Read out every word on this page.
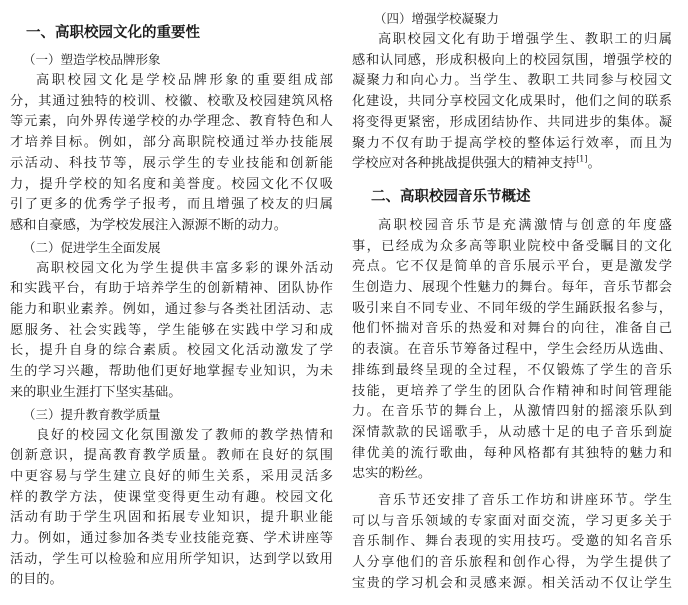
一、高职校园文化的重要性
（一）塑造学校品牌形象

高职校园文化是学校品牌形象的重要组成部

分，其通过独特的校训、校徽、校歌及校园建筑风格

等元素，向外界传递学校的办学理念、教育特色和人

才培养目标。例如，部分高职院校通过举办技能展

示活动、科技节等，展示学生的专业技能和创新能

力，提升学校的知名度和美誉度。校园文化不仅吸

引了更多的优秀学子报考，而且增强了校友的归属

感和自豪感，为学校发展注入源源不断的动力。

（二）促进学生全面发展

高职校园文化为学生提供丰富多彩的课外活动

和实践平台，有助于培养学生的创新精神、团队协作

能力和职业素养。例如，通过参与各类社团活动、志

愿服务、社会实践等，学生能够在实践中学习和成

长，提升自身的综合素质。校园文化活动激发了学

生的学习兴趣，帮助他们更好地掌握专业知识，为未

来的职业生涯打下坚实基础。

（三）提升教育教学质量

良好的校园文化氛围激发了教师的教学热情和

创新意识，提高教育教学质量。教师在良好的氛围

中更容易与学生建立良好的师生关系，采用灵活多

样的教学方法，使课堂变得更生动有趣。校园文化

活动有助于学生巩固和拓展专业知识，提升职业能

力。例如，通过参加各类专业技能竞赛、学术讲座等

活动，学生可以检验和应用所学知识，达到学以致用

的目的。

（四）增强学校凝聚力

高职校园文化有助于增强学生、教职工的归属

感和认同感，形成积极向上的校园氛围，增强学校的

凝聚力和向心力。当学生、教职工共同参与校园文

化建设，共同分享校园文化成果时，他们之间的联系

将变得更紧密，形成团结协作、共同进步的集体。凝

聚力不仅有助于提高学校的整体运行效率，而且为

学校应对各种挑战提供强大的精神支持[1]。

二、高职校园音乐节概述

高职校园音乐节是充满激情与创意的年度盛

事，已经成为众多高等职业院校中备受瞩目的文化

亮点。它不仅是简单的音乐展示平台，更是激发学

生创造力、展现个性魅力的舞台。每年，音乐节都会

吸引来自不同专业、不同年级的学生踊跃报名参与，

他们怀揣对音乐的热爱和对舞台的向往，准备自己

的表演。在音乐节筹备过程中，学生会经历从选曲、

排练到最终呈现的全过程，不仅锻炼了学生的音乐

技能，更培养了学生的团队合作精神和时间管理能

力。在音乐节的舞台上，从激情四射的摇滚乐队到

深情款款的民谣歌手，从动感十足的电子音乐到旋

律优美的流行歌曲，每种风格都有其独特的魅力和

忠实的粉丝。

音乐节还安排了音乐工作坊和讲座环节。学生

可以与音乐领域的专家面对面交流，学习更多关于

音乐制作、舞台表现的实用技巧。受邀的知名音乐

人分享他们的音乐旅程和创作心得，为学生提供了

宝贵的学习机会和灵感来源。相关活动不仅让学生
